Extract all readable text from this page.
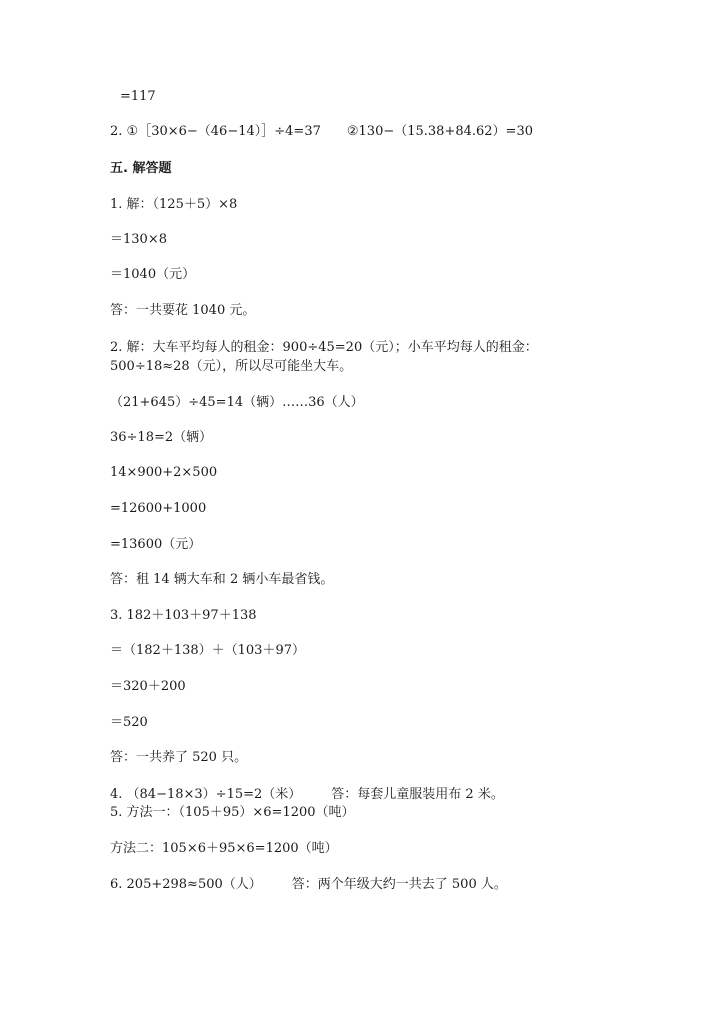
=117
2. ①［30×6−（46−14）］÷4=37 ②130−（15.38+84.62）=30
五. 解答题
1. 解：（125＋5）×8
＝130×8
＝1040（元）
答：一共要花 1040 元。
2. 解：大车平均每人的租金：900÷45=20（元）；小车平均每人的租金：
500÷18≈28（元），所以尽可能坐大车。
（21+645）÷45=14（辆）……36（人）
36÷18=2（辆）
14×900+2×500
=12600+1000
=13600（元）
答：租 14 辆大车和 2 辆小车最省钱。
3. 182＋103＋97＋138
＝（182＋138）＋（103＋97）
＝320＋200
＝520
答：一共养了 520 只。
4. （84−18×3）÷15=2（米） 答：每套儿童服装用布 2 米。
5. 方法一：（105＋95）×6=1200（吨）
方法二：105×6＋95×6=1200（吨）
6. 205+298≈500（人） 答：两个年级大约一共去了 500 人。
